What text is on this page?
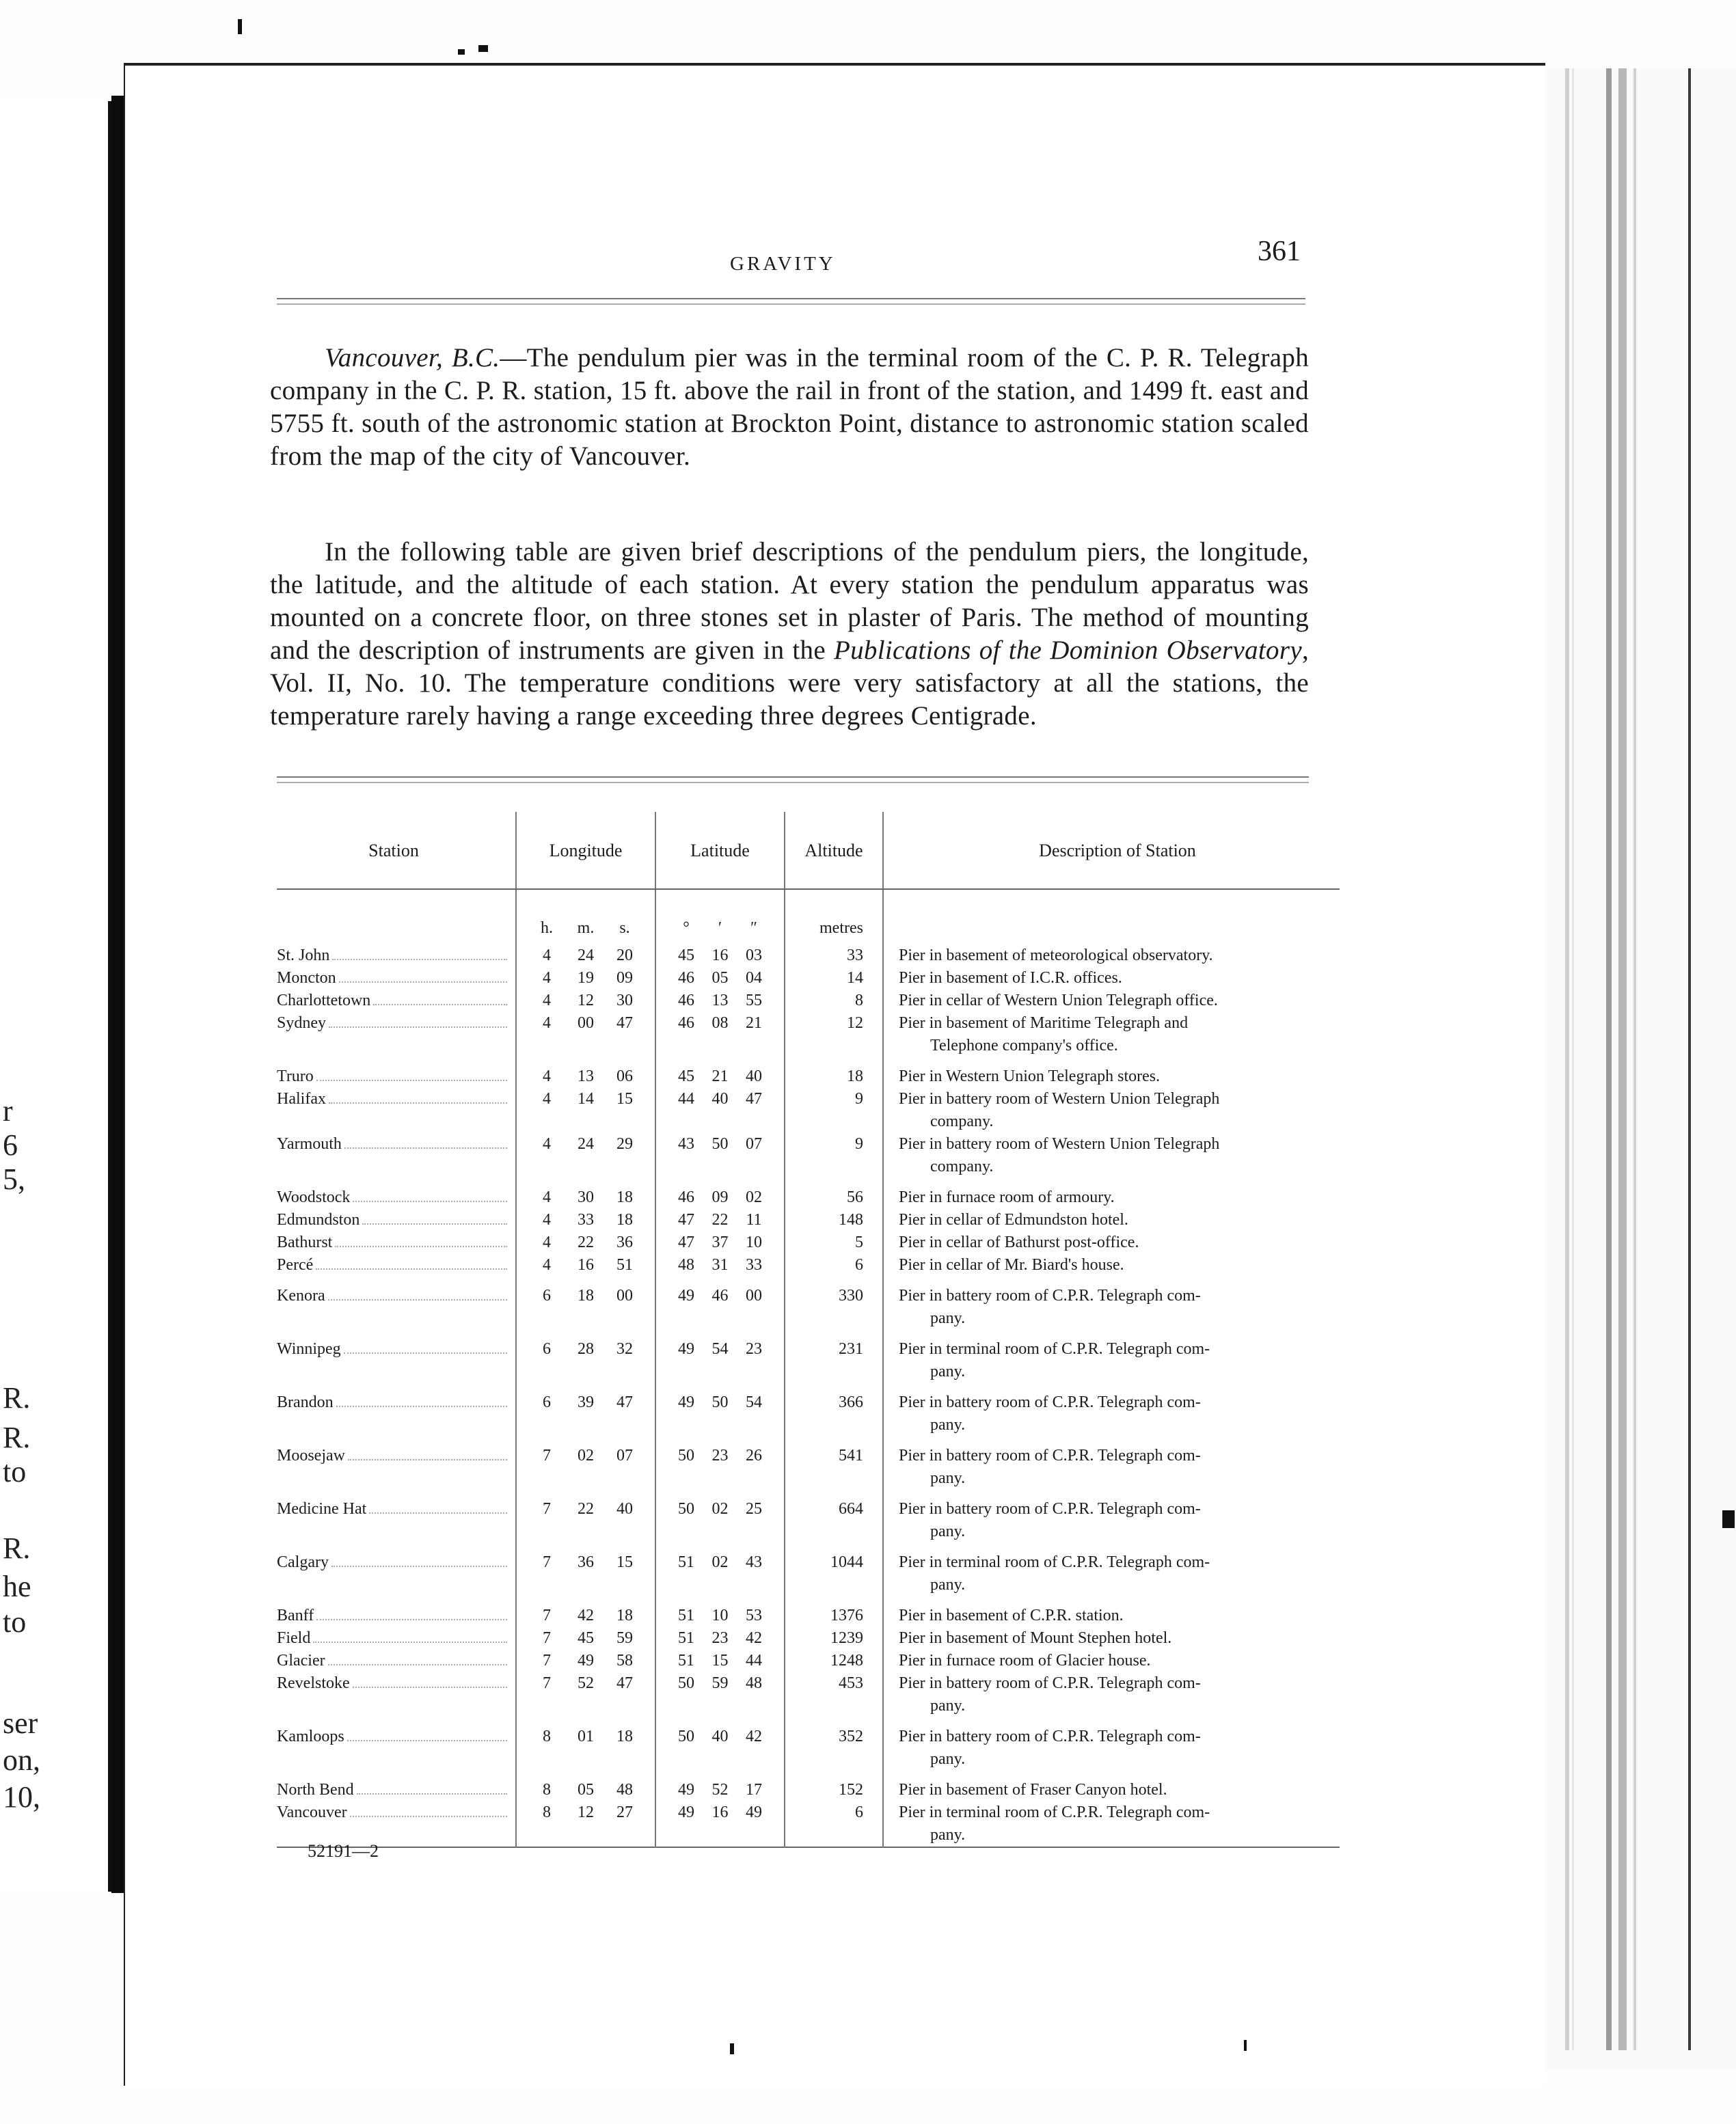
r
6
5,
R.
R.
to
R.
he
to
ser
on,
10,
GRAVITY	361
Vancouver, B.C.—The pendulum pier was in the terminal room of the C. P. R. Telegraph company in the C. P. R. station, 15 ft. above the rail in front of the station, and 1499 ft. east and 5755 ft. south of the astronomic station at Brockton Point, distance to astronomic station scaled from the map of the city of Vancouver.
In the following table are given brief descriptions of the pendulum piers, the longitude, the latitude, and the altitude of each station. At every station the pendulum apparatus was mounted on a concrete floor, on three stones set in plaster of Paris. The method of mounting and the description of instruments are given in the Publications of the Dominion Observatory, Vol. II, No. 10. The temperature conditions were very satisfactory at all the stations, the temperature rarely having a range exceeding three degrees Centigrade.
Station	Longitude	Latitude	Altitude	Description of Station

	h. m. s.	° ′ ″	metres	

St. John	4 24 20	45 16 03	33	Pier in basement of meteorological observatory.

Moncton	4 19 09	46 05 04	14	Pier in basement of I.C.R. offices.

Charlottetown	4 12 30	46 13 55	8	Pier in cellar of Western Union Telegraph office.

Sydney	4 00 47	46 08 21	12	Pier in basement of Maritime Telegraph and
Telephone company's office.

Truro	4 13 06	45 21 40	18	Pier in Western Union Telegraph stores.

Halifax	4 14 15	44 40 47	9	Pier in battery room of Western Union Telegraph
company.

Yarmouth	4 24 29	43 50 07	9	Pier in battery room of Western Union Telegraph
company.

Woodstock	4 30 18	46 09 02	56	Pier in furnace room of armoury.

Edmundston	4 33 18	47 22 11	148	Pier in cellar of Edmundston hotel.

Bathurst	4 22 36	47 37 10	5	Pier in cellar of Bathurst post-office.

Percé	4 16 51	48 31 33	6	Pier in cellar of Mr. Biard's house.

Kenora	6 18 00	49 46 00	330	Pier in battery room of C.P.R. Telegraph com-
pany.

Winnipeg	6 28 32	49 54 23	231	Pier in terminal room of C.P.R. Telegraph com-
pany.

Brandon	6 39 47	49 50 54	366	Pier in battery room of C.P.R. Telegraph com-
pany.

Moosejaw	7 02 07	50 23 26	541	Pier in battery room of C.P.R. Telegraph com-
pany.

Medicine Hat	7 22 40	50 02 25	664	Pier in battery room of C.P.R. Telegraph com-
pany.

Calgary	7 36 15	51 02 43	1044	Pier in terminal room of C.P.R. Telegraph com-
pany.

Banff	7 42 18	51 10 53	1376	Pier in basement of C.P.R. station.

Field	7 45 59	51 23 42	1239	Pier in basement of Mount Stephen hotel.

Glacier	7 49 58	51 15 44	1248	Pier in furnace room of Glacier house.

Revelstoke	7 52 47	50 59 48	453	Pier in battery room of C.P.R. Telegraph com-
pany.

Kamloops	8 01 18	50 40 42	352	Pier in battery room of C.P.R. Telegraph com-
pany.

North Bend	8 05 48	49 52 17	152	Pier in basement of Fraser Canyon hotel.

Vancouver	8 12 27	49 16 49	6	Pier in terminal room of C.P.R. Telegraph com-
pany.

52191—2
